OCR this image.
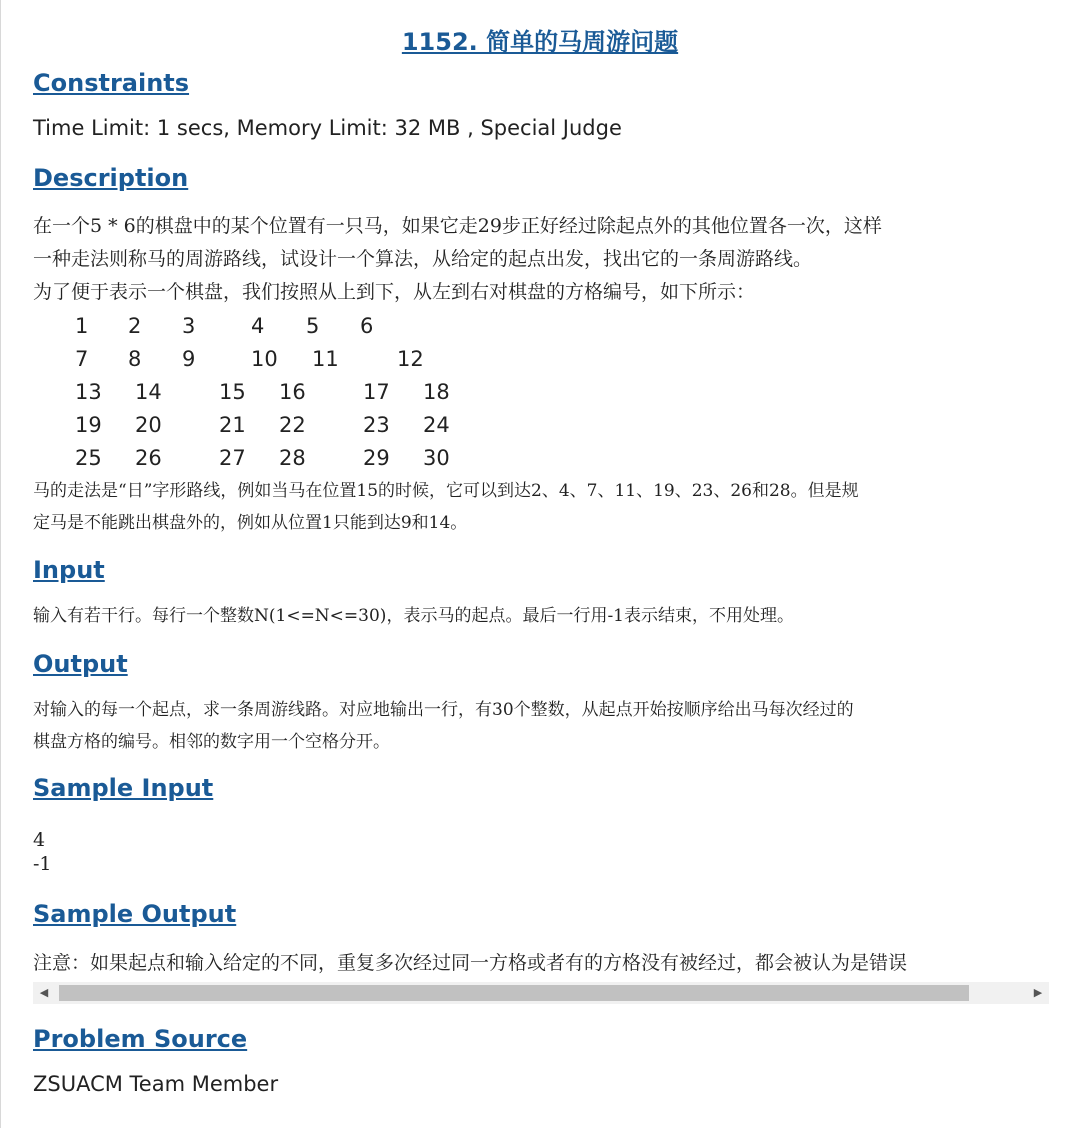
1152. 简单的马周游问题
Constraints

Time Limit: 1 secs, Memory Limit: 32 MB , Special Judge

Description

在一个5 * 6的棋盘中的某个位置有一只马，如果它走29步正好经过除起点外的其他位置各一次，这样

一种走法则称马的周游路线，试设计一个算法，从给定的起点出发，找出它的一条周游路线。

为了便于表示一个棋盘，我们按照从上到下，从左到右对棋盘的方格编号，如下所示：

1 2 3	4 5 6
7 8 9	10 11	12
13 14	15 16	17 18
19 20	21 22	23 24
25 26	27 28	29 30

马的走法是“日”字形路线，例如当马在位置15的时候，它可以到达2、4、7、11、19、23、26和28。但是规

定马是不能跳出棋盘外的，例如从位置1只能到达9和14。

Input

输入有若干行。每行一个整数N(1<=N<=30)，表示马的起点。最后一行用-1表示结束，不用处理。

Output

对输入的每一个起点，求一条周游线路。对应地输出一行，有30个整数，从起点开始按顺序给出马每次经过的

棋盘方格的编号。相邻的数字用一个空格分开。

Sample Input

4

-1

Sample Output

注意：如果起点和输入给定的不同，重复多次经过同一方格或者有的方格没有被经过，都会被认为是错误

◀	▶
Problem Source

ZSUACM Team Member
